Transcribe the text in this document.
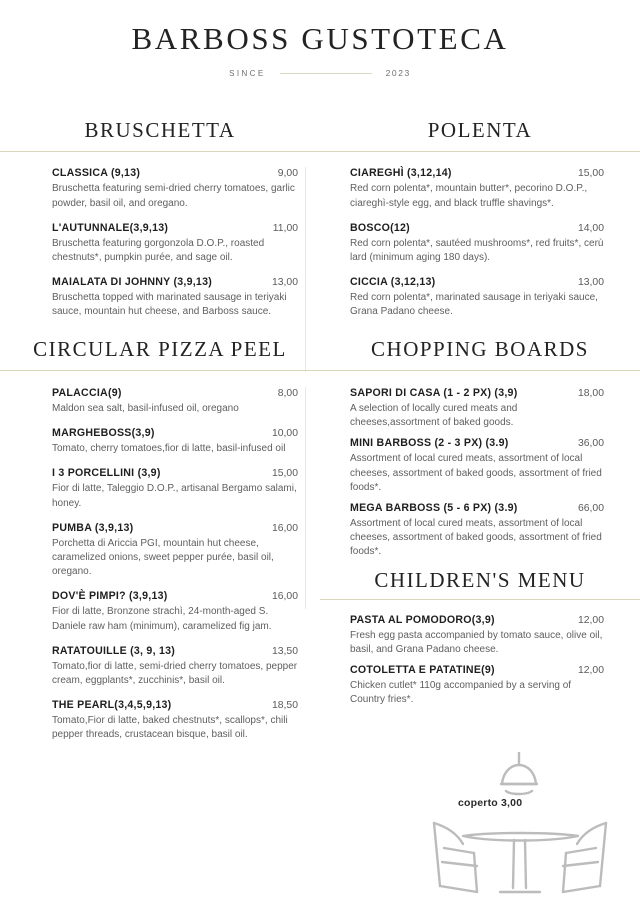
BARBOSS GUSTOTECA
SINCE	2023
BRUSCHETTA	POLENTA
CLASSICA (9,13)	9,00
Bruschetta featuring semi-dried cherry tomatoes, garlic powder, basil oil, and oregano.
L'AUTUNNALE(3,9,13)	11,00
Bruschetta featuring gorgonzola D.O.P., roasted chestnuts*, pumpkin purée, and sage oil.
MAIALATA DI JOHNNY (3,9,13)	13,00
Bruschetta topped with marinated sausage in teriyaki sauce, mountain hut cheese, and Barboss sauce.
CIAREGHÌ (3,12,14)	15,00
Red corn polenta*, mountain butter*, pecorino D.O.P., ciareghì-style egg, and black truffle shavings*.
BOSCO(12)	14,00
Red corn polenta*, sautéed mushrooms*, red fruits*, cerù lard (minimum aging 180 days).
CICCIA (3,12,13)	13,00
Red corn polenta*, marinated sausage in teriyaki sauce, Grana Padano cheese.
CIRCULAR PIZZA PEEL	CHOPPING BOARDS
PALACCIA(9)	8,00
Maldon sea salt, basil-infused oil, oregano
MARGHEBOSS(3,9)	10,00
Tomato, cherry tomatoes,fior di latte, basil-infused oil
I 3 PORCELLINI (3,9)	15,00
Fior di latte, Taleggio D.O.P., artisanal Bergamo salami, honey.
PUMBA (3,9,13)	16,00
Porchetta di Ariccia PGI, mountain hut cheese, caramelized onions, sweet pepper purée, basil oil, oregano.
DOV'È PIMPI? (3,9,13)	16,00
Fior di latte, Bronzone strachì, 24-month-aged S. Daniele raw ham (minimum), caramelized fig jam.
RATATOUILLE (3, 9, 13)	13,50
Tomato,fior di latte, semi-dried cherry tomatoes, pepper cream, eggplants*, zucchinis*, basil oil.
THE PEARL(3,4,5,9,13)	18,50
Tomato,Fior di latte, baked chestnuts*, scallops*, chili pepper threads, crustacean bisque, basil oil.
SAPORI DI CASA (1 - 2 PX) (3,9)	18,00
A selection of locally cured meats and cheeses,assortment of baked goods.
MINI BARBOSS (2 - 3 PX) (3.9)	36,00
Assortment of local cured meats, assortment of local cheeses, assortment of baked goods, assortment of fried foods*.
MEGA BARBOSS (5 - 6 PX) (3.9)	66,00
Assortment of local cured meats, assortment of local cheeses, assortment of baked goods, assortment of fried foods*.
CHILDREN'S MENU
PASTA AL POMODORO(3,9)	12,00
Fresh egg pasta accompanied by tomato sauce, olive oil, basil, and Grana Padano cheese.
COTOLETTA E PATATINE(9)	12,00
Chicken cutlet* 110g accompanied by a serving of Country fries*.
coperto 3,00
